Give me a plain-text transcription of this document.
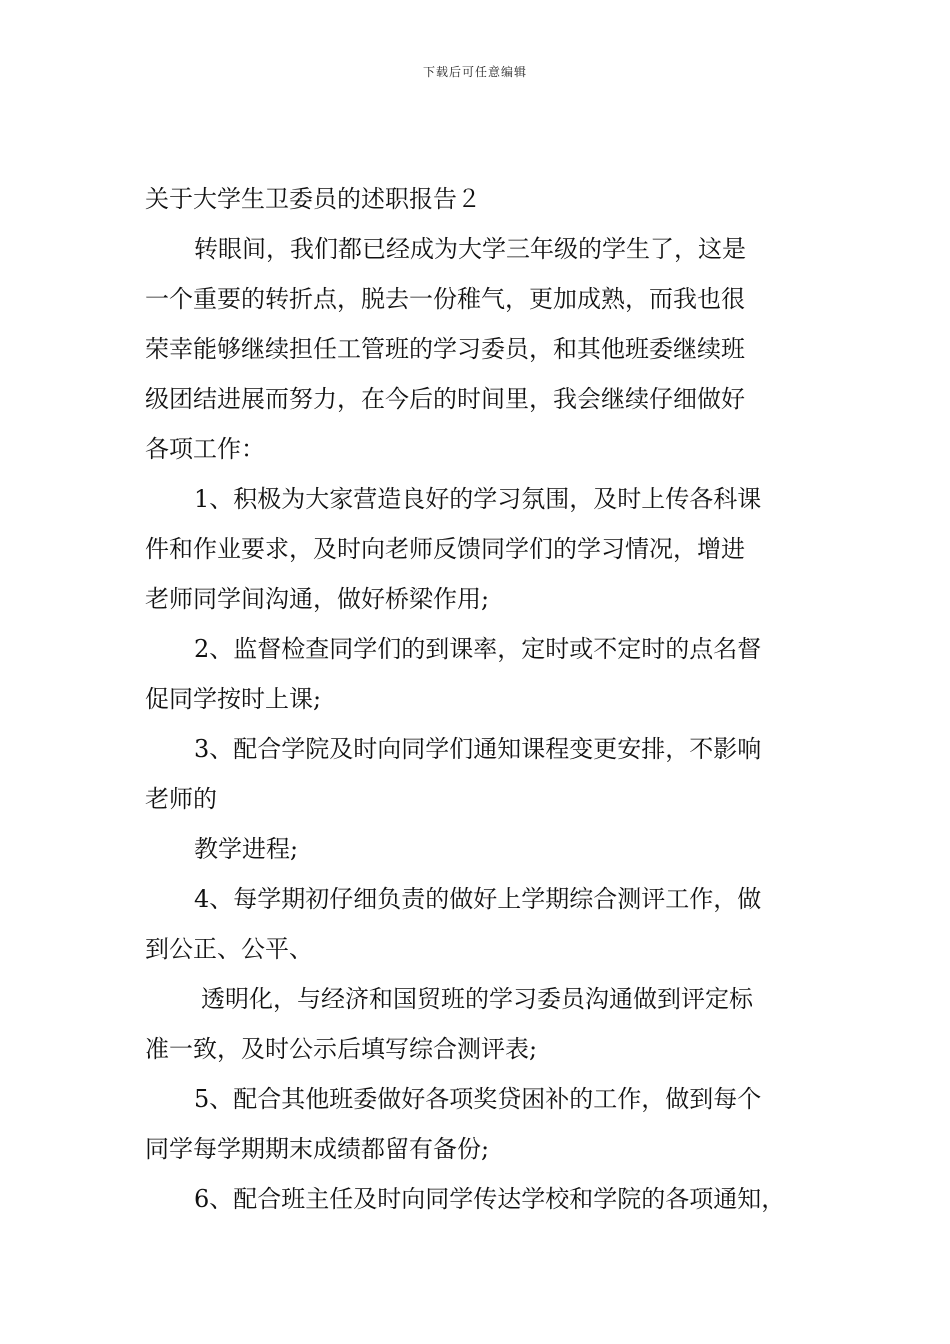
下载后可任意编辑
关于大学生卫委员的述职报告２
转眼间，我们都已经成为大学三年级的学生了，这是
一个重要的转折点，脱去一份稚气，更加成熟，而我也很
荣幸能够继续担任工管班的学习委员，和其他班委继续班
级团结进展而努力，在今后的时间里，我会继续仔细做好
各项工作：
1、积极为大家营造良好的学习氛围，及时上传各科课
件和作业要求，及时向老师反馈同学们的学习情况，增进
老师同学间沟通，做好桥梁作用;
2、监督检查同学们的到课率，定时或不定时的点名督
促同学按时上课;
3、配合学院及时向同学们通知课程变更安排，不影响
老师的
教学进程;
4、每学期初仔细负责的做好上学期综合测评工作，做
到公正、公平、
透明化，与经济和国贸班的学习委员沟通做到评定标
准一致，及时公示后填写综合测评表;
5、配合其他班委做好各项奖贷困补的工作，做到每个
同学每学期期末成绩都留有备份;
6、配合班主任及时向同学传达学校和学院的各项通知，
